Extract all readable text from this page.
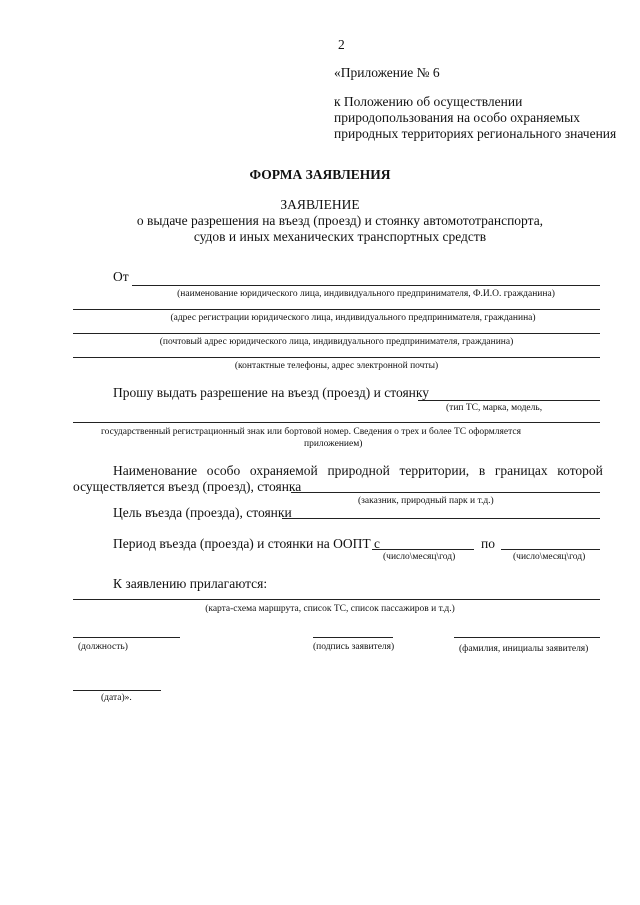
2
«Приложение № 6
к Положению об осуществлении
природопользования на особо охраняемых
природных территориях регионального значения
ФОРМА ЗАЯВЛЕНИЯ
ЗАЯВЛЕНИЕ
о выдаче разрешения на въезд (проезд) и стоянку автомототранспорта,
судов и иных механических транспортных средств
От
(наименование юридического лица, индивидуального предпринимателя, Ф.И.О. гражданина)
(адрес регистрации юридического лица, индивидуального предпринимателя, гражданина)
(почтовый адрес юридического лица, индивидуального предпринимателя, гражданина)
(контактные телефоны, адрес электронной почты)
Прошу выдать разрешение на въезд (проезд) и стоянку
(тип ТС, марка, модель,
государственный регистрационный знак или бортовой номер. Сведения о трех и более ТС оформляется
приложением)
Наименование особо охраняемой природной территории, в границах которой
осуществляется въезд (проезд), стоянка
(заказник, природный парк и т.д.)
Цель въезда (проезда), стоянки
Период въезда (проезда) и стоянки на ООПТ с	по
(число\месяц\год)	(число\месяц\год)
К заявлению прилагаются:
(карта-схема маршрута, список ТС, список пассажиров и т.д.)
(должность)	(подпись заявителя)	(фамилия, инициалы заявителя)
(дата)».
